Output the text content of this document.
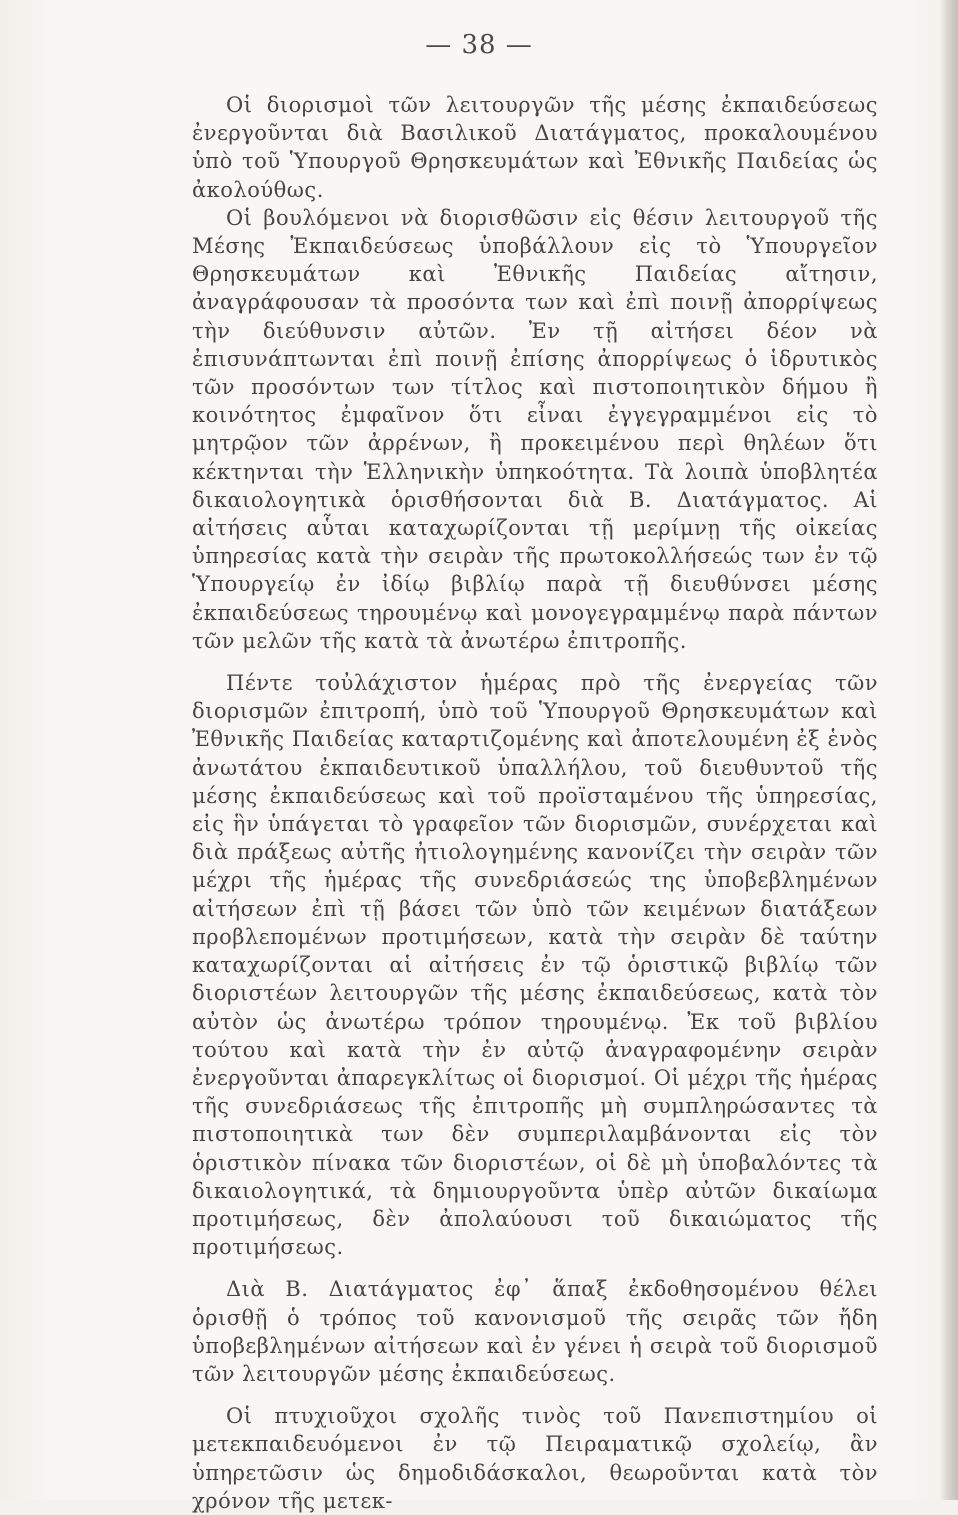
— 38 —

Οἱ διορισμοὶ τῶν λειτουργῶν τῆς μέσης ἐκπαιδεύσεως ἐνεργοῦνται διὰ Βασιλικοῦ Διατάγματος, προκαλουμένου ὑπὸ τοῦ Ὑπουργοῦ Θρησκευμάτων καὶ Ἐθνικῆς Παιδείας ὡς ἀκολούθως.

Οἱ βουλόμενοι νὰ διορισθῶσιν εἰς θέσιν λειτουργοῦ τῆς Μέσης Ἐκπαιδεύσεως ὑποβάλλουν εἰς τὸ Ὑπουργεῖον Θρησκευμάτων καὶ Ἐθνικῆς Παιδείας αἴτησιν, ἀναγράφουσαν τὰ προσόντα των καὶ ἐπὶ ποινῇ ἀπορρίψεως τὴν διεύθυνσιν αὐτῶν. Ἐν τῇ αἰτήσει δέον νὰ ἐπισυνάπτωνται ἐπὶ ποινῇ ἐπίσης ἀπορρίψεως ὁ ἱδρυτικὸς τῶν προσόντων των τίτλος καὶ πιστοποιητικὸν δήμου ἢ κοινότητος ἐμφαῖνον ὅτι εἶναι ἐγγεγραμμένοι εἰς τὸ μητρῷον τῶν ἀρρένων, ἢ προκειμένου περὶ θηλέων ὅτι κέκτηνται τὴν Ἑλληνικὴν ὑπηκοότητα. Τὰ λοιπὰ ὑποβλητέα δικαιολογητικὰ ὁρισθήσονται διὰ Β. Διατάγματος. Αἱ αἰτήσεις αὗται καταχωρίζονται τῇ μερίμνῃ τῆς οἰκείας ὑπηρεσίας κατὰ τὴν σειρὰν τῆς πρωτοκολλήσεώς των ἐν τῷ Ὑπουργείῳ ἐν ἰδίῳ βιβλίῳ παρὰ τῇ διευθύνσει μέσης ἐκπαιδεύσεως τηρουμένῳ καὶ μονογεγραμμένῳ παρὰ πάντων τῶν μελῶν τῆς κατὰ τὰ ἀνωτέρω ἐπιτροπῆς.

Πέντε τοὐλάχιστον ἡμέρας πρὸ τῆς ἐνεργείας τῶν διορισμῶν ἐπιτροπή, ὑπὸ τοῦ Ὑπουργοῦ Θρησκευμάτων καὶ Ἐθνικῆς Παιδείας καταρτιζομένης καὶ ἀποτελουμένη ἐξ ἑνὸς ἀνωτάτου ἐκπαιδευτικοῦ ὑπαλλήλου, τοῦ διευθυντοῦ τῆς μέσης ἐκπαιδεύσεως καὶ τοῦ προϊσταμένου τῆς ὑπηρεσίας, εἰς ἣν ὑπάγεται τὸ γραφεῖον τῶν διορισμῶν, συνέρχεται καὶ διὰ πράξεως αὐτῆς ἠτιολογημένης κανονίζει τὴν σειρὰν τῶν μέχρι τῆς ἡμέρας τῆς συνεδριάσεώς της ὑποβεβλημένων αἰτήσεων ἐπὶ τῇ βάσει τῶν ὑπὸ τῶν κειμένων διατάξεων προβλεπομένων προτιμήσεων, κατὰ τὴν σειρὰν δὲ ταύτην καταχωρίζονται αἱ αἰτήσεις ἐν τῷ ὁριστικῷ βιβλίῳ τῶν διοριστέων λειτουργῶν τῆς μέσης ἐκπαιδεύσεως, κατὰ τὸν αὐτὸν ὡς ἀνωτέρω τρόπον τηρουμένῳ. Ἐκ τοῦ βιβλίου τούτου καὶ κατὰ τὴν ἐν αὐτῷ ἀναγραφομένην σειρὰν ἐνεργοῦνται ἀπαρεγκλίτως οἱ διορισμοί. Οἱ μέχρι τῆς ἡμέρας τῆς συνεδριάσεως τῆς ἐπιτροπῆς μὴ συμπληρώσαντες τὰ πιστοποιητικὰ των δὲν συμπεριλαμβάνονται εἰς τὸν ὁριστικὸν πίνακα τῶν διοριστέων, οἱ δὲ μὴ ὑποβαλόντες τὰ δικαιολογητικά, τὰ δημιουργοῦντα ὑπὲρ αὐτῶν δικαίωμα προτιμήσεως, δὲν ἀπολαύουσι τοῦ δικαιώματος τῆς προτιμήσεως.

Διὰ Β. Διατάγματος ἐφ᾽ ἅπαξ ἐκδοθησομένου θέλει ὁρισθῇ ὁ τρόπος τοῦ κανονισμοῦ τῆς σειρᾶς τῶν ἤδη ὑποβεβλημένων αἰτήσεων καὶ ἐν γένει ἡ σειρὰ τοῦ διορισμοῦ τῶν λειτουργῶν μέσης ἐκπαιδεύσεως.

Οἱ πτυχιοῦχοι σχολῆς τινὸς τοῦ Πανεπιστημίου οἱ μετεκπαιδευόμενοι ἐν τῷ Πειραματικῷ σχολείῳ, ἂν ὑπηρετῶσιν ὡς δημοδιδάσκαλοι, θεωροῦνται κατὰ τὸν χρόνον τῆς μετεκ-
